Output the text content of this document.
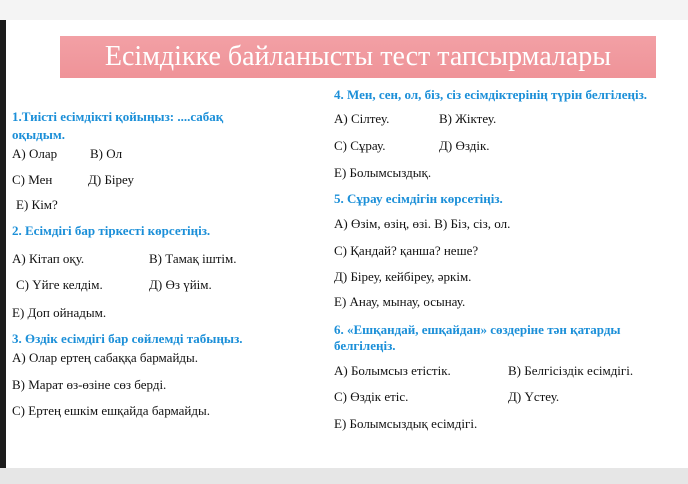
Есімдікке байланысты тест тапсырмалары
1.Тиісті есімдікті қойыңыз: ....сабақ
оқыдым.
А) Олар	В) Ол
С) Мен	Д) Біреу
Е) Кім?
2. Есімдігі бар тіркесті көрсетіңіз.
А) Кітап оқу.	В) Тамақ іштім.
С) Үйге келдім.	Д) Өз үйім.
Е) Доп ойнадым.
3. Өздік есімдігі бар сөйлемді табыңыз.
А) Олар ертең сабаққа бармайды.
В) Марат өз-өзіне сөз берді.
С) Ертең ешкім ешқайда бармайды.
4. Мен, сен, ол, біз, сіз есімдіктерінің түрін белгілеңіз.
А) Сілтеу.	В) Жіктеу.
С) Сұрау.	Д) Өздік.
Е) Болымсыздық.
5. Сұрау есімдігін көрсетіңіз.
А) Өзім, өзің, өзі. В) Біз, сіз, ол.
С) Қандай? қанша? неше?
Д) Біреу, кейбіреу, әркім.
Е) Анау, мынау, осынау.
6. «Ешқандай, ешқайдан» сөздеріне тән қатарды
белгілеңіз.
А) Болымсыз етістік.	В) Белгісіздік есімдігі.
С) Өздік етіс.	Д) Үстеу.
Е) Болымсыздық есімдігі.
